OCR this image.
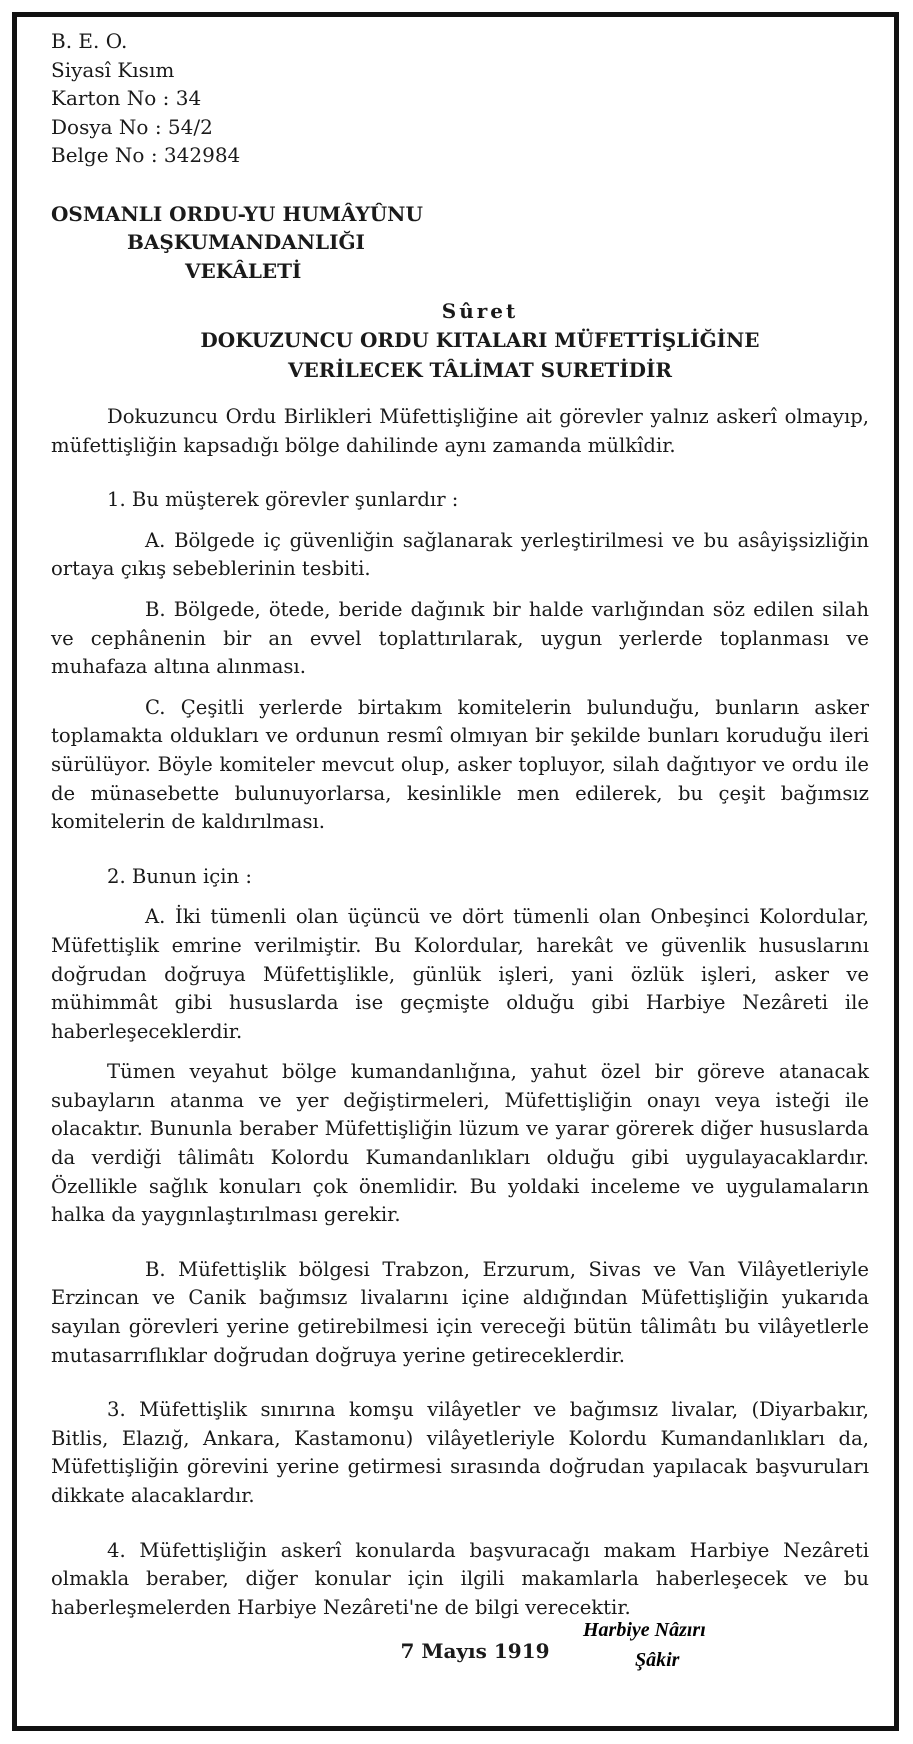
B. E. O.
Siyasî Kısım
Karton No : 34
Dosya No : 54/2
Belge No : 342984
OSMANLI ORDU-YU HUMÂYÛNU
BAŞKUMANDANLIĞI
VEKÂLETİ
Sûret
DOKUZUNCU ORDU KITALARI MÜFETTİŞLİĞİNE
VERİLECEK TÂLİMAT SURETİDİR

Dokuzuncu Ordu Birlikleri Müfettişliğine ait görevler yalnız askerî olmayıp, müfettişliğin kapsadığı bölge dahilinde aynı zamanda mülkîdir.

1. Bu müşterek görevler şunlardır :

A. Bölgede iç güvenliğin sağlanarak yerleştirilmesi ve bu asâyişsizliğin ortaya çıkış sebeblerinin tesbiti.

B. Bölgede, ötede, beride dağınık bir halde varlığından söz edilen silah ve cephânenin bir an evvel toplattırılarak, uygun yerlerde toplanması ve muhafaza altına alınması.

C. Çeşitli yerlerde birtakım komitelerin bulunduğu, bunların asker toplamakta oldukları ve ordunun resmî olmıyan bir şekilde bunları koruduğu ileri sürülüyor. Böyle komiteler mevcut olup, asker topluyor, silah dağıtıyor ve ordu ile de münasebette bulunuyorlarsa, kesinlikle men edilerek, bu çeşit bağımsız komitelerin de kaldırılması.

2. Bunun için :

A. İki tümenli olan üçüncü ve dört tümenli olan Onbeşinci Kolordular, Müfettişlik emrine verilmiştir. Bu Kolordular, harekât ve güvenlik hususlarını doğrudan doğruya Müfettişlikle, günlük işleri, yani özlük işleri, asker ve mühimmât gibi hususlarda ise geçmişte olduğu gibi Harbiye Nezâreti ile haberleşeceklerdir.

Tümen veyahut bölge kumandanlığına, yahut özel bir göreve atanacak subayların atanma ve yer değiştirmeleri, Müfettişliğin onayı veya isteği ile olacaktır. Bununla beraber Müfettişliğin lüzum ve yarar görerek diğer hususlarda da verdiği tâlimâtı Kolordu Kumandanlıkları olduğu gibi uygulayacaklardır. Özellikle sağlık konuları çok önemlidir. Bu yoldaki inceleme ve uygulamaların halka da yaygınlaştırılması gerekir.

B. Müfettişlik bölgesi Trabzon, Erzurum, Sivas ve Van Vilâyetleriyle Erzincan ve Canik bağımsız livalarını içine aldığından Müfettişliğin yukarıda sayılan görevleri yerine getirebilmesi için vereceği bütün tâlimâtı bu vilâyetlerle mutasarrıflıklar doğrudan doğruya yerine getireceklerdir.

3. Müfettişlik sınırına komşu vilâyetler ve bağımsız livalar, (Diyarbakır, Bitlis, Elazığ, Ankara, Kastamonu) vilâyetleriyle Kolordu Kumandanlıkları da, Müfettişliğin görevini yerine getirmesi sırasında doğrudan yapılacak başvuruları dikkate alacaklardır.

4. Müfettişliğin askerî konularda başvuracağı makam Harbiye Nezâreti olmakla beraber, diğer konular için ilgili makamlarla haberleşecek ve bu haberleşmelerden Harbiye Nezâreti'ne de bilgi verecektir.

7 Mayıs 1919
Harbiye Nâzırı
Şâkir
